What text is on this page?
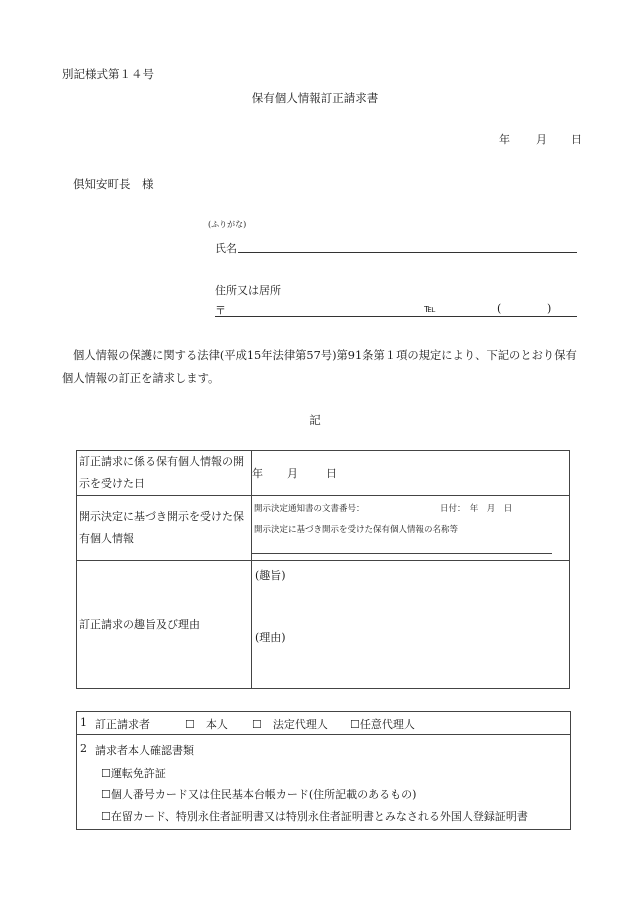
別記様式第１４号
保有個人情報訂正請求書
年 月 日
倶知安町長　様
(ふりがな)
氏名
住所又は居所
〒	℡	(	)
個人情報の保護に関する法律(平成15年法律第57号)第91条第１項の規定により、下記のとおり保有個人情報の訂正を請求します。
記
訂正請求に係る保有個人情報の開示を受けた日	年 月 日
開示決定に基づき開示を受けた保有個人情報	開示決定通知書の文書番号： 日付：　年　月　日
開示決定に基づき開示を受けた保有個人情報の名称等

訂正請求の趣旨及び理由	(趣旨)
(理由)
1 訂正請求者	☐　本人 ☐　法定代理人 ☐任意代理人
2 請求者本人確認書類
☐運転免許証
☐個人番号カード又は住民基本台帳カード(住所記載のあるもの)
☐在留カード、特別永住者証明書又は特別永住者証明書とみなされる外国人登録証明書
